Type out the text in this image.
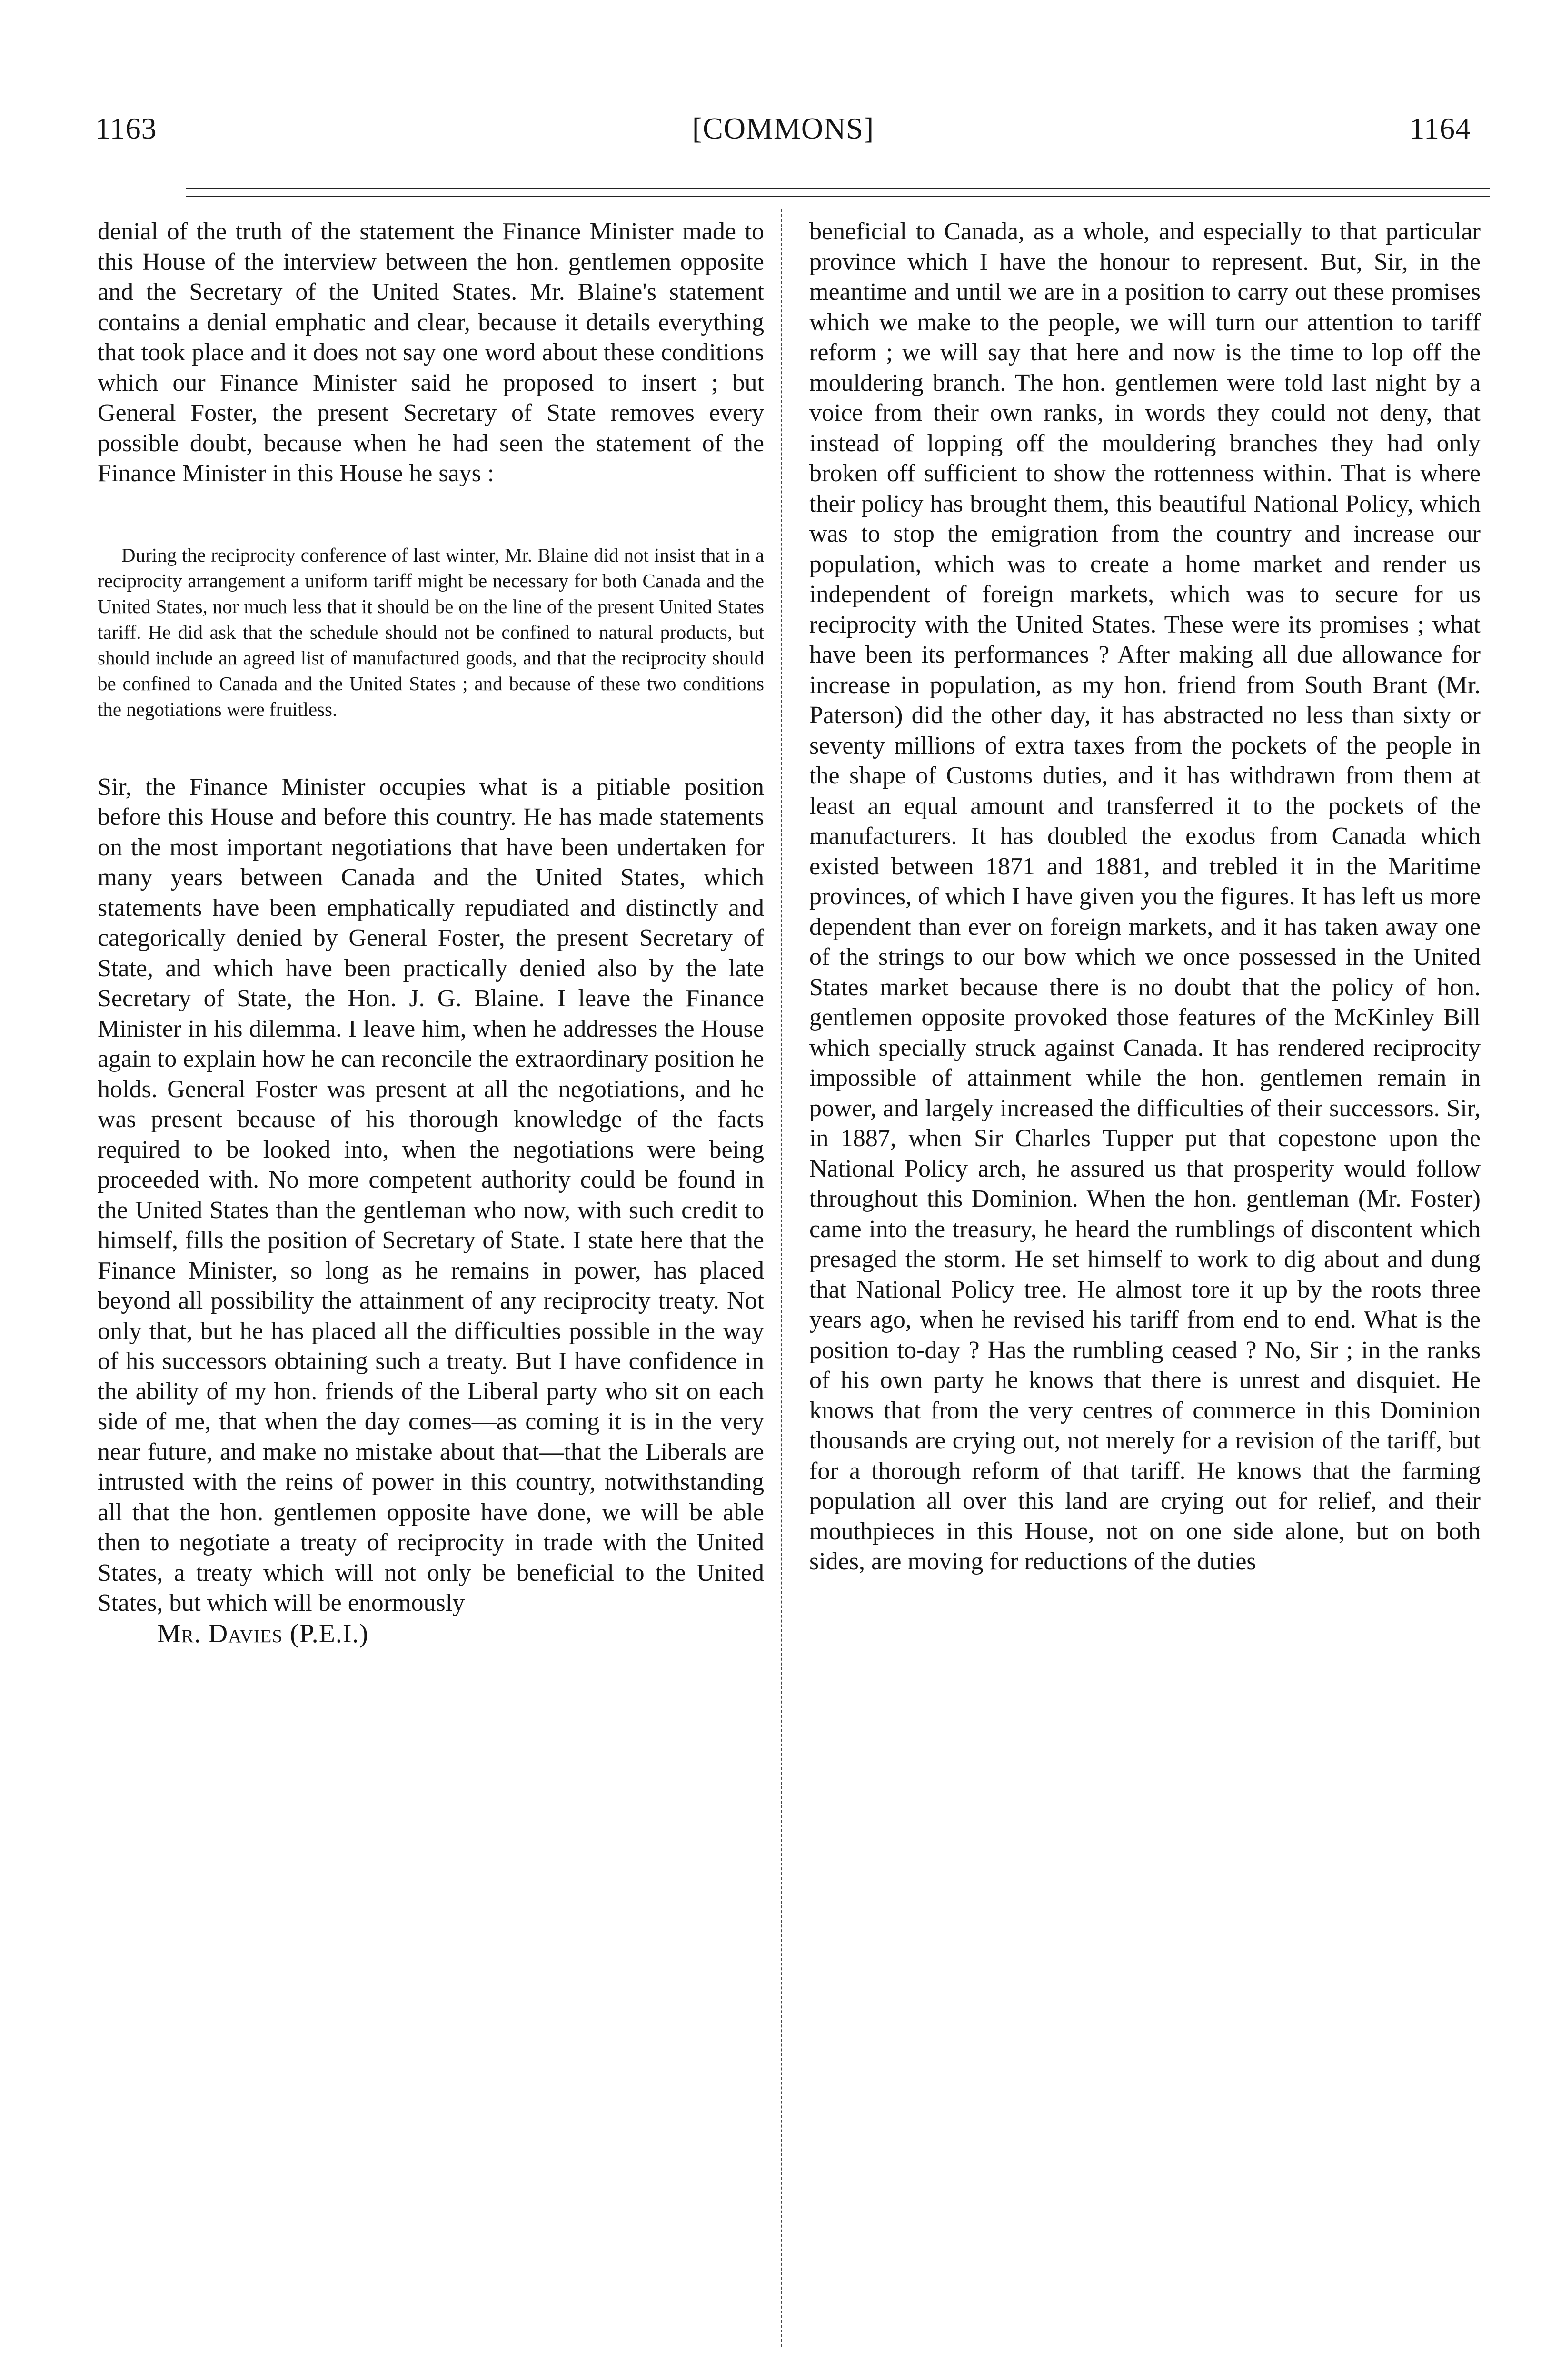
1163	[COMMONS]	1164

denial of the truth of the statement the Finance Minister made to this House of the interview between the hon. gentlemen opposite and the Secretary of the United States. Mr. Blaine's statement contains a denial emphatic and clear, because it details everything that took place and it does not say one word about these conditions which our Finance Minister said he proposed to insert ; but General Foster, the present Secretary of State removes every possible doubt, because when he had seen the statement of the Finance Minister in this House he says :

During the reciprocity conference of last winter, Mr. Blaine did not insist that in a reciprocity arrangement a uniform tariff might be necessary for both Canada and the United States, nor much less that it should be on the line of the present United States tariff. He did ask that the schedule should not be confined to natural products, but should include an agreed list of manufactured goods, and that the reciprocity should be confined to Canada and the United States ; and because of these two conditions the negotiations were fruitless.

Sir, the Finance Minister occupies what is a pitiable position before this House and before this country. He has made statements on the most important negotiations that have been undertaken for many years between Canada and the United States, which statements have been emphatically repudiated and distinctly and categorically denied by General Foster, the present Secretary of State, and which have been practically denied also by the late Secretary of State, the Hon. J. G. Blaine. I leave the Finance Minister in his dilemma. I leave him, when he addresses the House again to explain how he can reconcile the extraordinary position he holds. General Foster was present at all the negotiations, and he was present because of his thorough knowledge of the facts required to be looked into, when the negotiations were being proceeded with. No more competent authority could be found in the United States than the gentleman who now, with such credit to himself, fills the position of Secretary of State. I state here that the Finance Minister, so long as he remains in power, has placed beyond all possibility the attainment of any reciprocity treaty. Not only that, but he has placed all the difficulties possible in the way of his successors obtaining such a treaty. But I have confidence in the ability of my hon. friends of the Liberal party who sit on each side of me, that when the day comes—as coming it is in the very near future, and make no mistake about that—that the Liberals are intrusted with the reins of power in this country, notwithstanding all that the hon. gentlemen opposite have done, we will be able then to negotiate a treaty of reciprocity in trade with the United States, a treaty which will not only be beneficial to the United States, but which will be enormously

Mr. Davies (P.E.I.)

beneficial to Canada, as a whole, and especially to that particular province which I have the honour to represent. But, Sir, in the meantime and until we are in a position to carry out these promises which we make to the people, we will turn our attention to tariff reform ; we will say that here and now is the time to lop off the mouldering branch. The hon. gentlemen were told last night by a voice from their own ranks, in words they could not deny, that instead of lopping off the mouldering branches they had only broken off sufficient to show the rottenness within. That is where their policy has brought them, this beautiful National Policy, which was to stop the emigration from the country and increase our population, which was to create a home market and render us independent of foreign markets, which was to secure for us reciprocity with the United States. These were its promises ; what have been its performances ? After making all due allowance for increase in population, as my hon. friend from South Brant (Mr. Paterson) did the other day, it has abstracted no less than sixty or seventy millions of extra taxes from the pockets of the people in the shape of Customs duties, and it has withdrawn from them at least an equal amount and transferred it to the pockets of the manufacturers. It has doubled the exodus from Canada which existed between 1871 and 1881, and trebled it in the Maritime provinces, of which I have given you the figures. It has left us more dependent than ever on foreign markets, and it has taken away one of the strings to our bow which we once possessed in the United States market because there is no doubt that the policy of hon. gentlemen opposite provoked those features of the McKinley Bill which specially struck against Canada. It has rendered reciprocity impossible of attainment while the hon. gentlemen remain in power, and largely increased the difficulties of their successors. Sir, in 1887, when Sir Charles Tupper put that copestone upon the National Policy arch, he assured us that prosperity would follow throughout this Dominion. When the hon. gentleman (Mr. Foster) came into the treasury, he heard the rumblings of discontent which presaged the storm. He set himself to work to dig about and dung that National Policy tree. He almost tore it up by the roots three years ago, when he revised his tariff from end to end. What is the position to-day ? Has the rumbling ceased ? No, Sir ; in the ranks of his own party he knows that there is unrest and disquiet. He knows that from the very centres of commerce in this Dominion thousands are crying out, not merely for a revision of the tariff, but for a thorough reform of that tariff. He knows that the farming population all over this land are crying out for relief, and their mouthpieces in this House, not on one side alone, but on both sides, are moving for reductions of the duties
